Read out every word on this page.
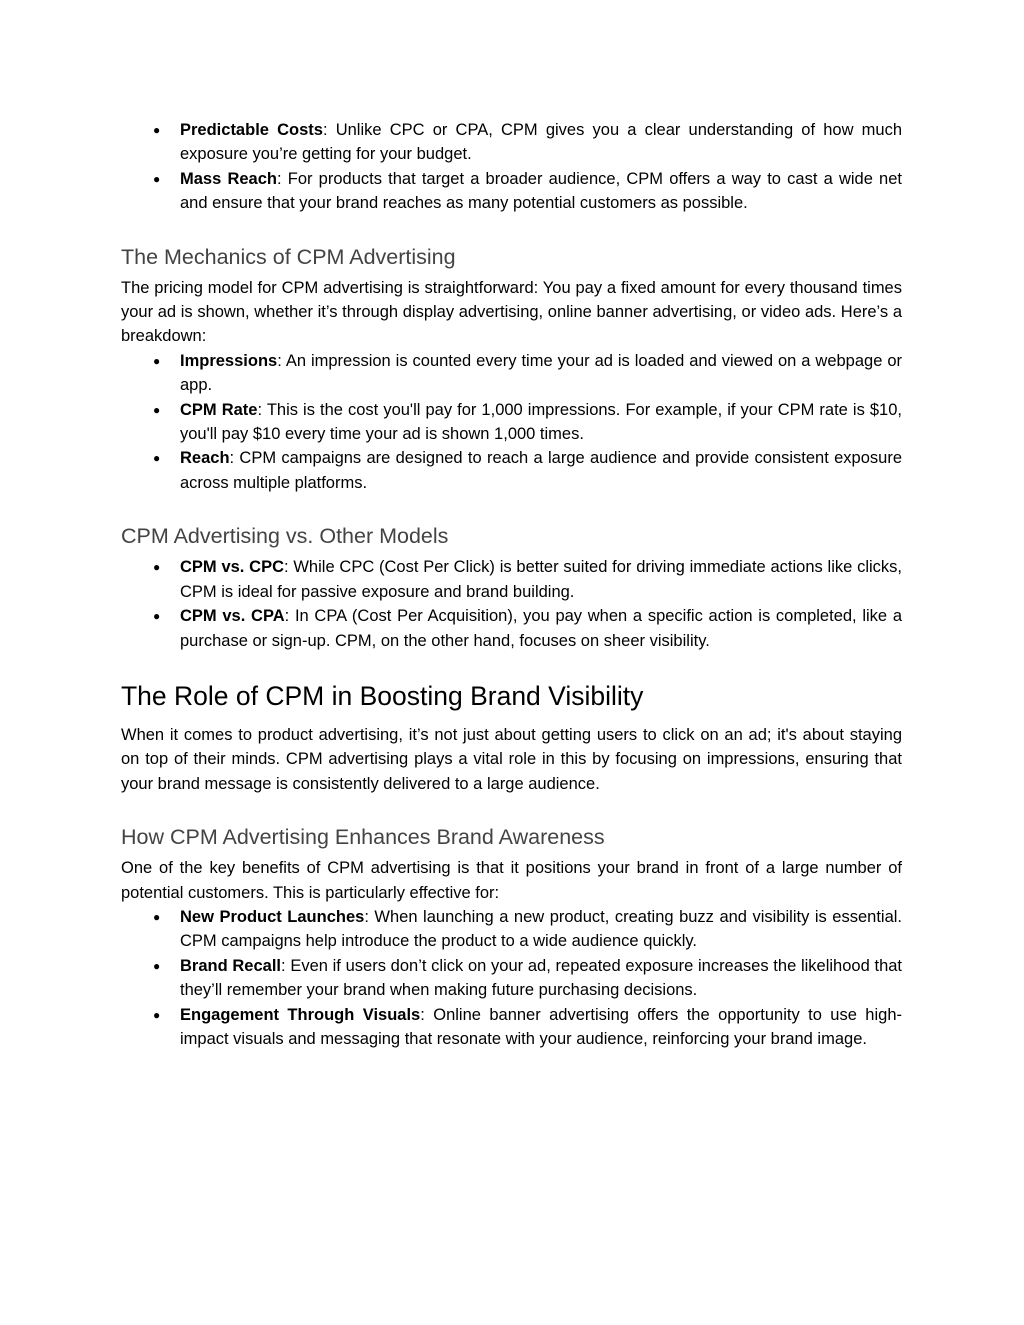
● Predictable Costs: Unlike CPC or CPA, CPM gives you a clear understanding of how much exposure you’re getting for your budget.
● Mass Reach: For products that target a broader audience, CPM offers a way to cast a wide net and ensure that your brand reaches as many potential customers as possible.
The Mechanics of CPM Advertising

The pricing model for CPM advertising is straightforward: You pay a fixed amount for every thousand times your ad is shown, whether it’s through display advertising, online banner advertising, or video ads. Here’s a breakdown:

● Impressions: An impression is counted every time your ad is loaded and viewed on a webpage or app.
● CPM Rate: This is the cost you'll pay for 1,000 impressions. For example, if your CPM rate is $10, you'll pay $10 every time your ad is shown 1,000 times.
● Reach: CPM campaigns are designed to reach a large audience and provide consistent exposure across multiple platforms.
CPM Advertising vs. Other Models
● CPM vs. CPC: While CPC (Cost Per Click) is better suited for driving immediate actions like clicks, CPM is ideal for passive exposure and brand building.
● CPM vs. CPA: In CPA (Cost Per Acquisition), you pay when a specific action is completed, like a purchase or sign-up. CPM, on the other hand, focuses on sheer visibility.
The Role of CPM in Boosting Brand Visibility

When it comes to product advertising, it’s not just about getting users to click on an ad; it's about staying on top of their minds. CPM advertising plays a vital role in this by focusing on impressions, ensuring that your brand message is consistently delivered to a large audience.

How CPM Advertising Enhances Brand Awareness

One of the key benefits of CPM advertising is that it positions your brand in front of a large number of potential customers. This is particularly effective for:

● New Product Launches: When launching a new product, creating buzz and visibility is essential. CPM campaigns help introduce the product to a wide audience quickly.
● Brand Recall: Even if users don’t click on your ad, repeated exposure increases the likelihood that they’ll remember your brand when making future purchasing decisions.
● Engagement Through Visuals: Online banner advertising offers the opportunity to use high-impact visuals and messaging that resonate with your audience, reinforcing your brand image.
